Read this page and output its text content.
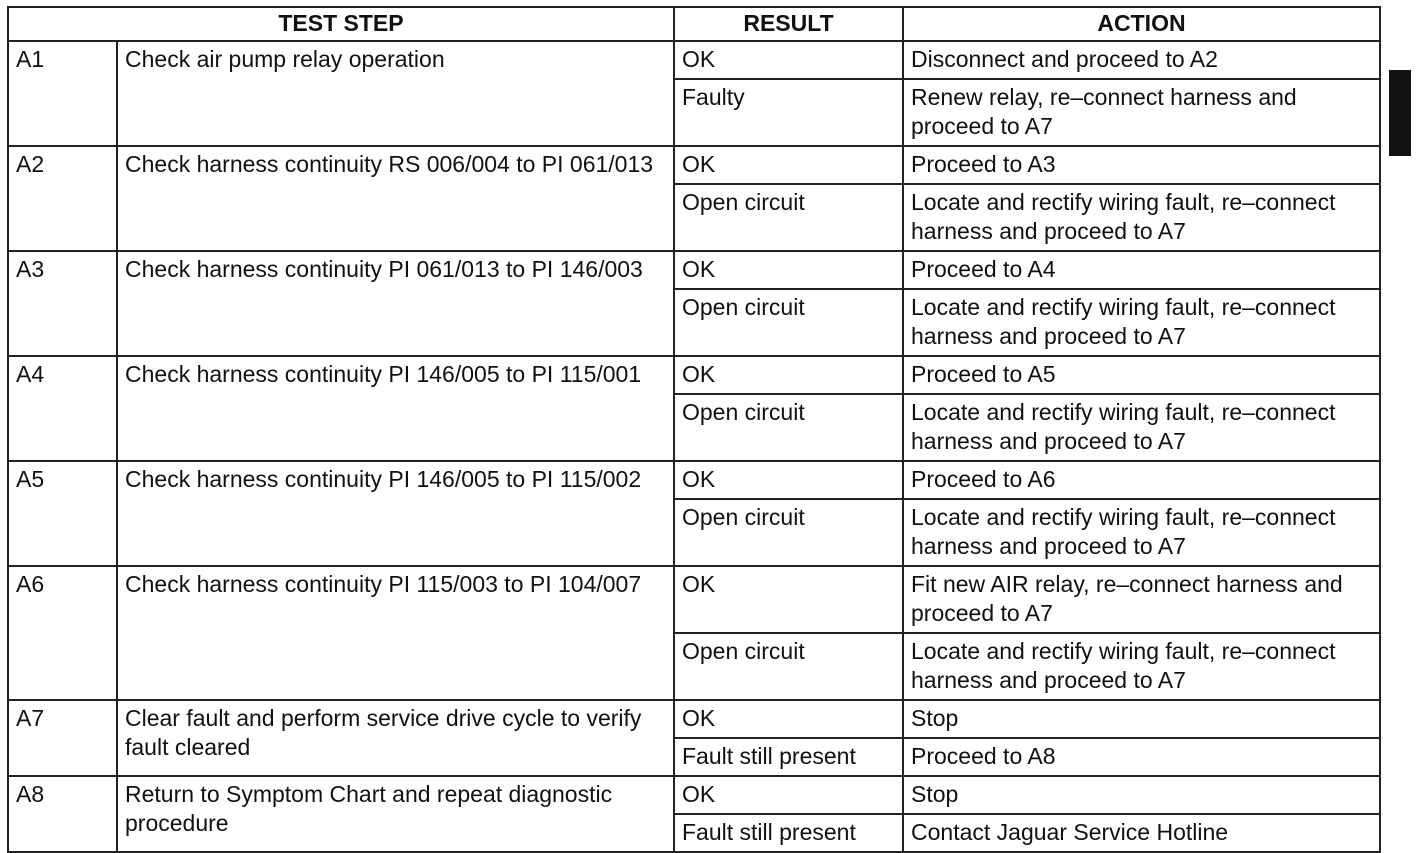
TEST STEP		RESULT	ACTION
A1	Check air pump relay operation	OK	Disconnect and proceed to A2
		Faulty	Renew relay, re–connect harness and proceed to A7
A2	Check harness continuity RS 006/004 to PI 061/013	OK	Proceed to A3
		Open circuit	Locate and rectify wiring fault, re–connect harness and proceed to A7
A3	Check harness continuity PI 061/013 to PI 146/003	OK	Proceed to A4
		Open circuit	Locate and rectify wiring fault, re–connect harness and proceed to A7
A4	Check harness continuity PI 146/005 to PI 115/001	OK	Proceed to A5
		Open circuit	Locate and rectify wiring fault, re–connect harness and proceed to A7
A5	Check harness continuity PI 146/005 to PI 115/002	OK	Proceed to A6
		Open circuit	Locate and rectify wiring fault, re–connect harness and proceed to A7
A6	Check harness continuity PI 115/003 to PI 104/007	OK	Fit new AIR relay, re–connect harness and proceed to A7
		Open circuit	Locate and rectify wiring fault, re–connect harness and proceed to A7
A7	Clear fault and perform service drive cycle to verify fault cleared	OK	Stop
		Fault still present	Proceed to A8
A8	Return to Symptom Chart and repeat diagnostic procedure	OK	Stop
		Fault still present	Contact Jaguar Service Hotline
